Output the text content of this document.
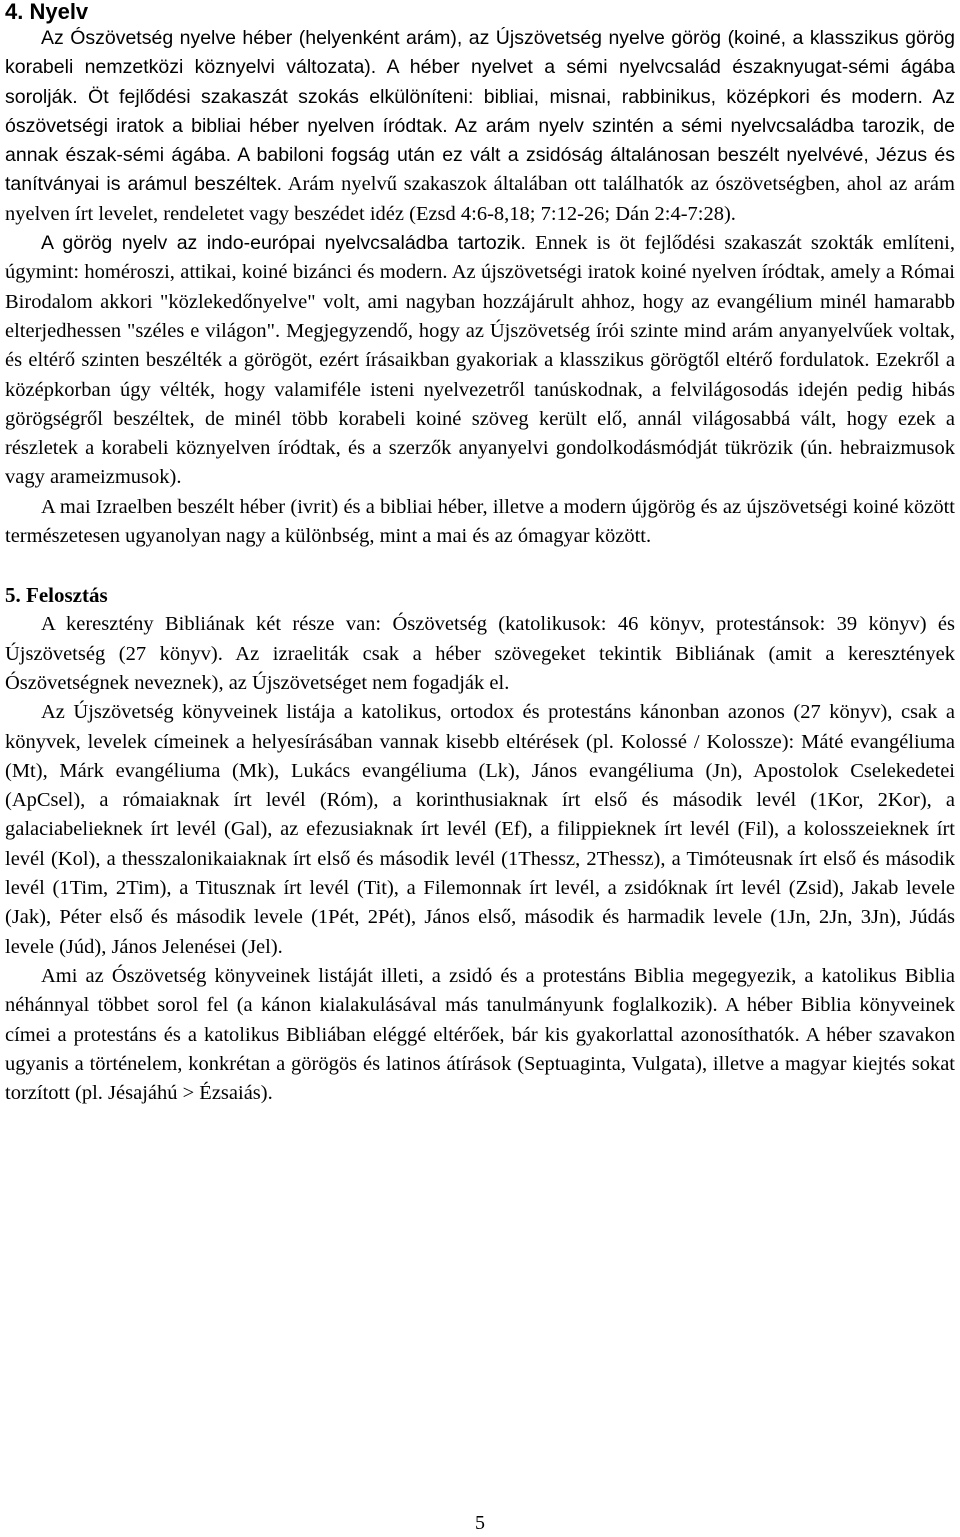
4. Nyelv

Az Ószövetség nyelve héber (helyenként arám), az Újszövetség nyelve görög (koiné, a klasszikus görög korabeli nemzetközi köznyelvi változata). A héber nyelvet a sémi nyelvcsalád északnyugat-sémi ágába sorolják. Öt fejlődési szakaszát szokás elkülöníteni: bibliai, misnai, rabbinikus, középkori és modern. Az ószövetségi iratok a bibliai héber nyelven íródtak. Az arám nyelv szintén a sémi nyelvcsaládba tarozik, de annak észak-sémi ágába. A babiloni fogság után ez vált a zsidóság általánosan beszélt nyelvévé, Jézus és tanítványai is arámul beszéltek. Arám nyelvű szakaszok általában ott találhatók az ószövetségben, ahol az arám nyelven írt levelet, rendeletet vagy beszédet idéz (Ezsd 4:6-8,18; 7:12-26; Dán 2:4-7:28).

A görög nyelv az indo-európai nyelvcsaládba tartozik. Ennek is öt fejlődési szakaszát szokták említeni, úgymint: homéroszi, attikai, koiné bizánci és modern. Az újszövetségi iratok koiné nyelven íródtak, amely a Római Birodalom akkori "közlekedőnyelve" volt, ami nagyban hozzájárult ahhoz, hogy az evangélium minél hamarabb elterjedhessen "széles e világon". Megjegyzendő, hogy az Újszövetség írói szinte mind arám anyanyelvűek voltak, és eltérő szinten beszélték a görögöt, ezért írásaikban gyakoriak a klasszikus görögtől eltérő fordulatok. Ezekről a középkorban úgy vélték, hogy valamiféle isteni nyelvezetről tanúskodnak, a felvilágosodás idején pedig hibás görögségről beszéltek, de minél több korabeli koiné szöveg került elő, annál világosabbá vált, hogy ezek a részletek a korabeli köznyelven íródtak, és a szerzők anyanyelvi gondolkodásmódját tükrözik (ún. hebraizmusok vagy arameizmusok).

A mai Izraelben beszélt héber (ivrit) és a bibliai héber, illetve a modern újgörög és az újszövetségi koiné között természetesen ugyanolyan nagy a különbség, mint a mai és az ómagyar között.

5. Felosztás

A keresztény Bibliának két része van: Ószövetség (katolikusok: 46 könyv, protestánsok: 39 könyv) és Újszövetség (27 könyv). Az izraeliták csak a héber szövegeket tekintik Bibliának (amit a keresztények Ószövetségnek neveznek), az Újszövetséget nem fogadják el.

Az Újszövetség könyveinek listája a katolikus, ortodox és protestáns kánonban azonos (27 könyv), csak a könyvek, levelek címeinek a helyesírásában vannak kisebb eltérések (pl. Kolossé / Kolossze): Máté evangéliuma (Mt), Márk evangéliuma (Mk), Lukács evangéliuma (Lk), János evangéliuma (Jn), Apostolok Cselekedetei (ApCsel), a rómaiaknak írt levél (Róm), a korinthusiaknak írt első és második levél (1Kor, 2Kor), a galaciabelieknek írt levél (Gal), az efezusiaknak írt levél (Ef), a filippieknek írt levél (Fil), a kolosszeieknek írt levél (Kol), a thesszalonikaiaknak írt első és második levél (1Thessz, 2Thessz), a Timóteusnak írt első és második levél (1Tim, 2Tim), a Titusznak írt levél (Tit), a Filemonnak írt levél, a zsidóknak írt levél (Zsid), Jakab levele (Jak), Péter első és második levele (1Pét, 2Pét), János első, második és harmadik levele (1Jn, 2Jn, 3Jn), Júdás levele (Júd), János Jelenései (Jel).

Ami az Ószövetség könyveinek listáját illeti, a zsidó és a protestáns Biblia megegyezik, a katolikus Biblia néhánnyal többet sorol fel (a kánon kialakulásával más tanulmányunk foglalkozik). A héber Biblia könyveinek címei a protestáns és a katolikus Bibliában eléggé eltérőek, bár kis gyakorlattal azonosíthatók. A héber szavakon ugyanis a történelem, konkrétan a görögös és latinos átírások (Septuaginta, Vulgata), illetve a magyar kiejtés sokat torzított (pl. Jésajáhú > Ézsaiás).

5
